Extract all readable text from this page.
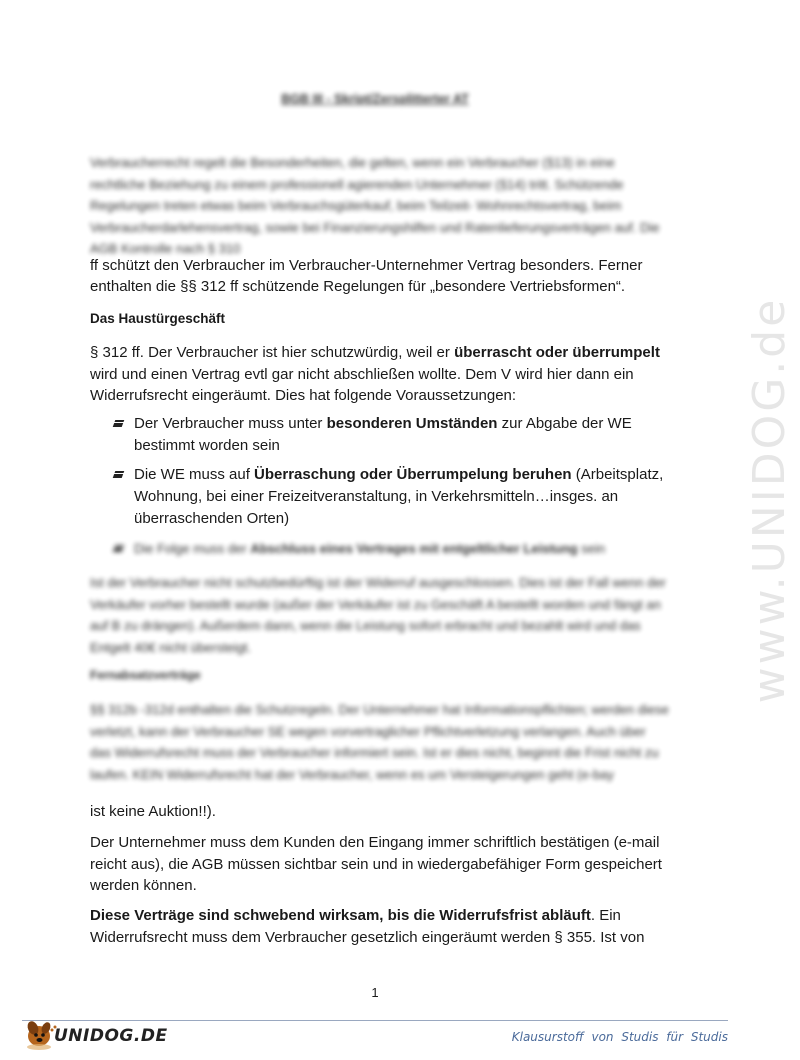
www.UNIDOG.de
BGB III - Skript/Zersplitterter AT

Verbraucherrecht regelt die Besonderheiten, die gelten, wenn ein Verbraucher (§13) in eine rechtliche Beziehung zu einem professionell agierenden Unternehmer (§14) tritt. Schützende Regelungen treten etwas beim Verbrauchsgüterkauf, beim Teilzeit- Wohnrechtsvertrag, beim Verbraucherdarlehensvertrag, sowie bei Finanzierungshilfen und Ratenlieferungsverträgen auf. Die AGB Kontrolle nach § 310

ff schützt den Verbraucher im Verbraucher-Unternehmer Vertrag besonders. Ferner

enthalten die §§ 312 ff schützende Regelungen für „besondere Vertriebsformen“.

Das Haustürgeschäft

§ 312 ff. Der Verbraucher ist hier schutzwürdig, weil er überrascht oder überrumpelt wird und einen Vertrag evtl gar nicht abschließen wollte. Dem V wird hier dann ein Widerrufsrecht eingeräumt. Dies hat folgende Voraussetzungen:

Der Verbraucher muss unter besonderen Umständen zur Abgabe der WE bestimmt worden sein
Die WE muss auf Überraschung oder Überrumpelung beruhen (Arbeitsplatz, Wohnung, bei einer Freizeitveranstaltung, in Verkehrsmitteln…insges. an überraschenden Orten)
Die Folge muss der Abschluss eines Vertrages mit entgeltlicher Leistung sein

Ist der Verbraucher nicht schutzbedürftig ist der Widerruf ausgeschlossen. Dies ist der Fall wenn der Verkäufer vorher bestellt wurde (außer der Verkäufer ist zu Geschäft A bestellt worden und fängt an auf B zu drängen). Außerdem dann, wenn die Leistung sofort erbracht und bezahlt wird und das Entgelt 40€ nicht übersteigt.

Fernabsatzverträge

§§ 312b -312d enthalten die Schutzregeln. Der Unternehmer hat Informationspflichten; werden diese verletzt, kann der Verbraucher SE wegen vorvertraglicher Pflichtverletzung verlangen. Auch über das Widerrufsrecht muss der Verbraucher informiert sein. Ist er dies nicht, beginnt die Frist nicht zu laufen. KEIN Widerrufsrecht hat der Verbraucher, wenn es um Versteigerungen geht (e-bay

ist keine Auktion!!).

Der Unternehmer muss dem Kunden den Eingang immer schriftlich bestätigen (e-mail reicht aus), die AGB müssen sichtbar sein und in wiedergabefähiger Form gespeichert werden können.

Diese Verträge sind schwebend wirksam, bis die Widerrufsfrist abläuft. Ein Widerrufsrecht muss dem Verbraucher gesetzlich eingeräumt werden § 355. Ist von

1
UNIDOG.DE	Klausurstoff von Studis für Studis
